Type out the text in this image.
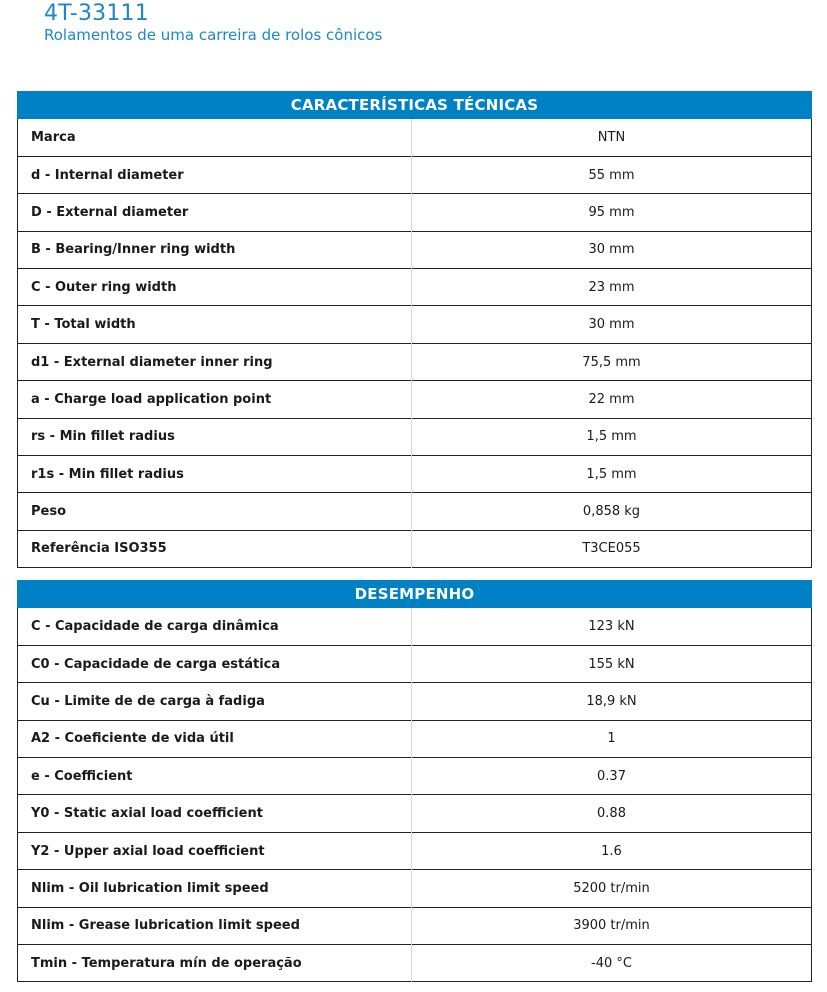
4T-33111
Rolamentos de uma carreira de rolos cônicos
CARACTERÍSTICAS TÉCNICAS
Marca	NTN
d - Internal diameter	55 mm
D - External diameter	95 mm
B - Bearing/Inner ring width	30 mm
C - Outer ring width	23 mm
T - Total width	30 mm
d1 - External diameter inner ring	75,5 mm
a - Charge load application point	22 mm
rs - Min fillet radius	1,5 mm
r1s - Min fillet radius	1,5 mm
Peso	0,858 kg
Referência ISO355	T3CE055
DESEMPENHO
C - Capacidade de carga dinâmica	123 kN
C0 - Capacidade de carga estática	155 kN
Cu - Limite de de carga à fadiga	18,9 kN
A2 - Coeficiente de vida útil	1
e - Coefficient	0.37
Y0 - Static axial load coefficient	0.88
Y2 - Upper axial load coefficient	1.6
Nlim - Oil lubrication limit speed	5200 tr/min
Nlim - Grease lubrication limit speed	3900 tr/min
Tmin - Temperatura mín de operação	-40 °C
